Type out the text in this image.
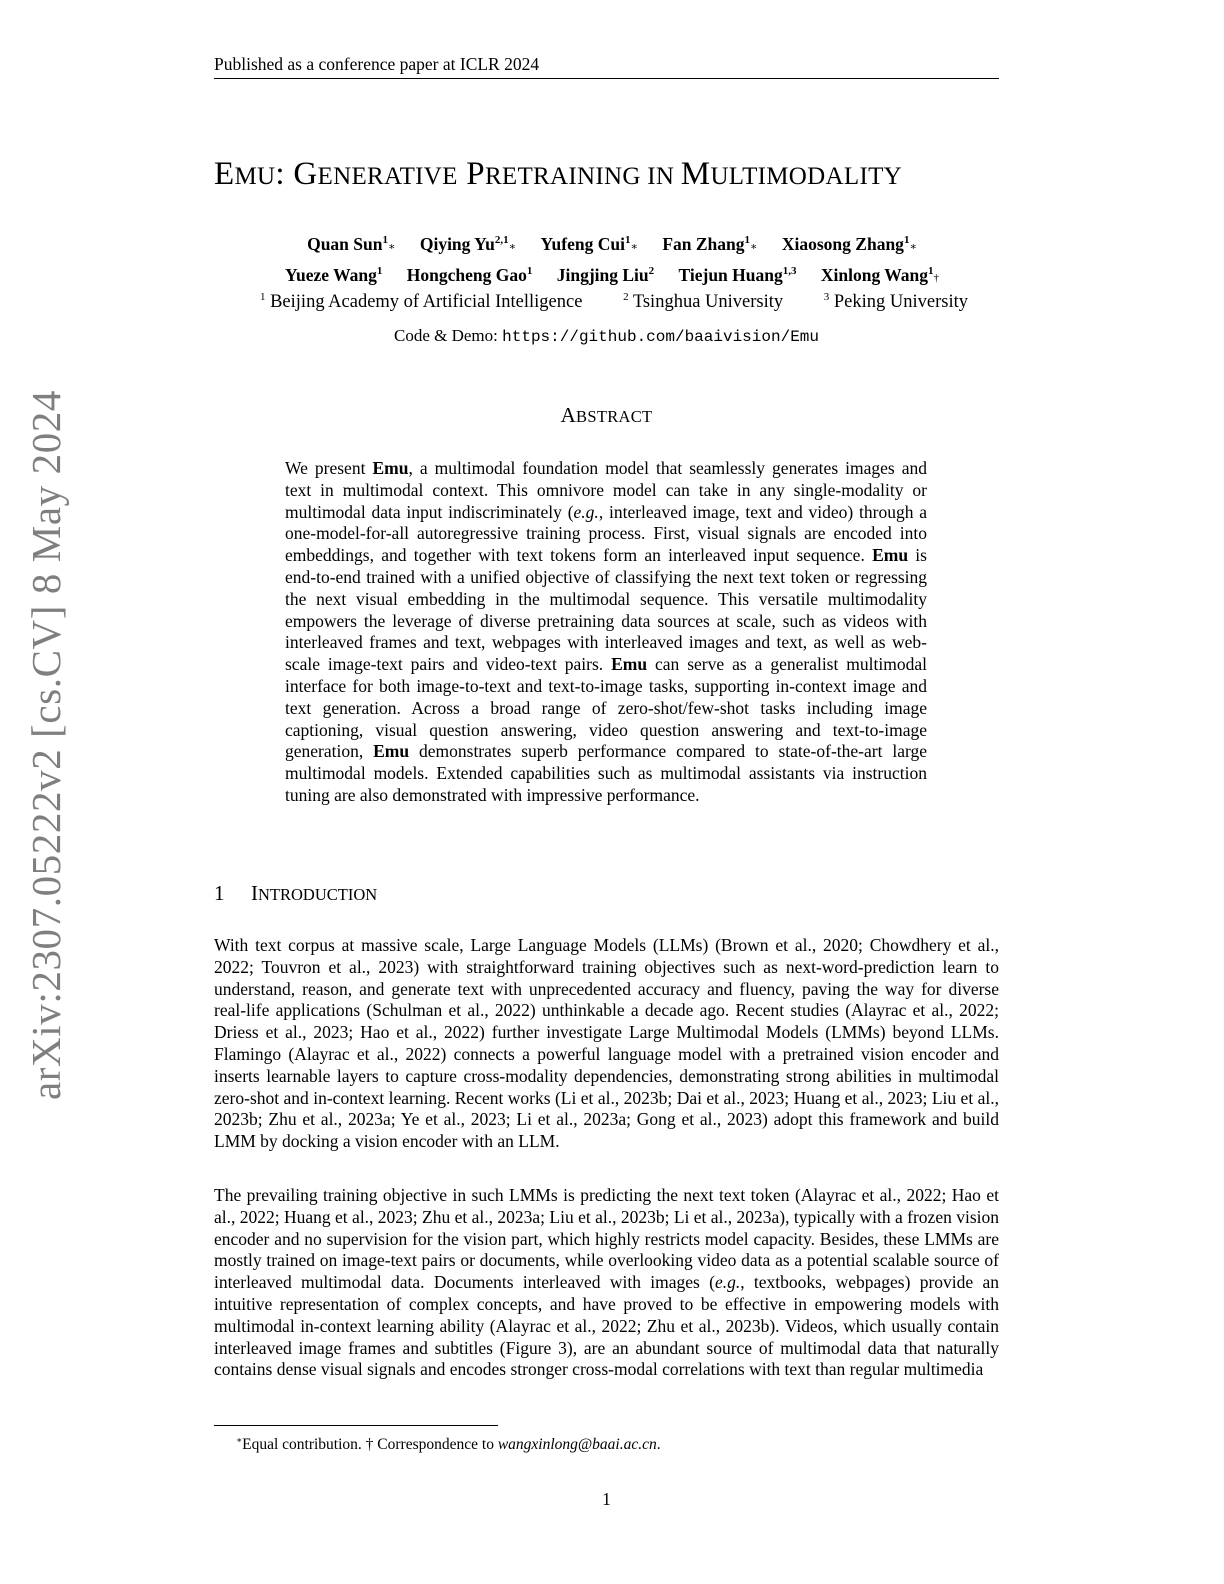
Published as a conference paper at ICLR 2024
arXiv:2307.05222v2 [cs.CV] 8 May 2024
EMU: GENERATIVE PRETRAINING IN MULTIMODALITY
Quan Sun$^1$∗ Qiying Yu$^{2,1}$∗ Yufeng Cui$^1$∗ Fan Zhang$^1$∗ Xiaosong Zhang$^1$∗
Yueze Wang$^1$ Hongcheng Gao$^1$ Jingjing Liu$^2$ Tiejun Huang$^{1,3}$ Xinlong Wang$^1$†
$^1$ Beijing Academy of Artificial Intelligence	$^2$ Tsinghua University	$^3$ Peking University
Code & Demo: https://github.com/baaivision/Emu
ABSTRACT
We present Emu, a multimodal foundation model that seamlessly generates images and text in multimodal context. This omnivore model can take in any single-modality or multimodal data input indiscriminately (e.g., interleaved image, text and video) through a one-model-for-all autoregressive training process. First, visual signals are encoded into embeddings, and together with text tokens form an interleaved input sequence. Emu is end-to-end trained with a unified objective of classifying the next text token or regressing the next visual embedding in the multimodal sequence. This versatile multimodality empowers the leverage of diverse pretraining data sources at scale, such as videos with interleaved frames and text, webpages with interleaved images and text, as well as web-scale image-text pairs and video-text pairs. Emu can serve as a generalist multimodal interface for both image-to-text and text-to-image tasks, supporting in-context image and text generation. Across a broad range of zero-shot/few-shot tasks including image captioning, visual question answering, video question answering and text-to-image generation, Emu demonstrates superb performance compared to state-of-the-art large multimodal models. Extended capabilities such as multimodal assistants via instruction tuning are also demonstrated with impressive performance.
1 INTRODUCTION
With text corpus at massive scale, Large Language Models (LLMs) (Brown et al., 2020; Chowdhery et al., 2022; Touvron et al., 2023) with straightforward training objectives such as next-word-prediction learn to understand, reason, and generate text with unprecedented accuracy and fluency, paving the way for diverse real-life applications (Schulman et al., 2022) unthinkable a decade ago. Recent studies (Alayrac et al., 2022; Driess et al., 2023; Hao et al., 2022) further investigate Large Multimodal Models (LMMs) beyond LLMs. Flamingo (Alayrac et al., 2022) connects a powerful language model with a pretrained vision encoder and inserts learnable layers to capture cross-modality dependencies, demonstrating strong abilities in multimodal zero-shot and in-context learning. Recent works (Li et al., 2023b; Dai et al., 2023; Huang et al., 2023; Liu et al., 2023b; Zhu et al., 2023a; Ye et al., 2023; Li et al., 2023a; Gong et al., 2023) adopt this framework and build LMM by docking a vision encoder with an LLM.
The prevailing training objective in such LMMs is predicting the next text token (Alayrac et al., 2022; Hao et al., 2022; Huang et al., 2023; Zhu et al., 2023a; Liu et al., 2023b; Li et al., 2023a), typically with a frozen vision encoder and no supervision for the vision part, which highly restricts model capacity. Besides, these LMMs are mostly trained on image-text pairs or documents, while overlooking video data as a potential scalable source of interleaved multimodal data. Documents interleaved with images (e.g., textbooks, webpages) provide an intuitive representation of complex concepts, and have proved to be effective in empowering models with multimodal in-context learning ability (Alayrac et al., 2022; Zhu et al., 2023b). Videos, which usually contain interleaved image frames and subtitles (Figure 3), are an abundant source of multimodal data that naturally contains dense visual signals and encodes stronger cross-modal correlations with text than regular multimedia
∗Equal contribution. † Correspondence to wangxinlong@baai.ac.cn.
1
